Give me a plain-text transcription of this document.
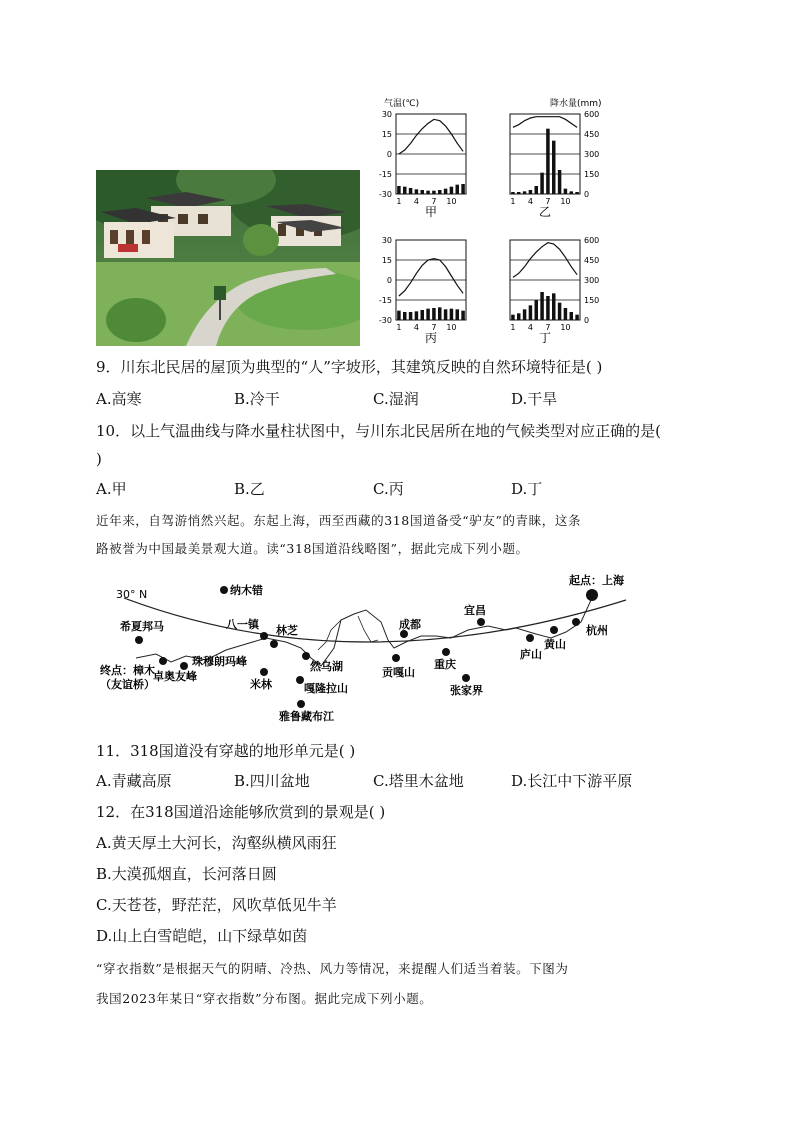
气温(℃)	降水量(mm)
30
15
0
-15
-30
1 4 7 10
甲
600
450
300
150
0
1 4 7 10
乙
30
15
0
-15
-30
1 4 7 10
丙
600
450
300
150
0
1 4 7 10
丁
9．川东北民居的屋顶为典型的“人”字坡形，其建筑反映的自然环境特征是( )
A.高寒	B.冷干	C.湿润	D.干旱
10．以上气温曲线与降水量柱状图中，与川东北民居所在地的气候类型对应正确的是(
)
A.甲	B.乙	C.丙	D.丁
近年来，自驾游悄然兴起。东起上海，西至西藏的318国道备受“驴友”的青睐，这条
路被誉为中国最美景观大道。读“318国道沿线略图”，据此完成下列小题。
30° N	纳木错
起点：上海
希夏邦马	八一镇 林芝	成都
宜昌
杭州
黄山
庐山
终点：樟木
（友谊桥）
卓奥友峰
珠穆朗玛峰
米林
然乌湖
嘎隆拉山
贡嘎山
重庆
张家界
雅鲁藏布江
11．318国道没有穿越的地形单元是( )
A.青藏高原	B.四川盆地	C.塔里木盆地	D.长江中下游平原
12．在318国道沿途能够欣赏到的景观是( )
A.黄天厚土大河长，沟壑纵横风雨狂
B.大漠孤烟直，长河落日圆
C.天苍苍，野茫茫，风吹草低见牛羊
D.山上白雪皑皑，山下绿草如茵
“穿衣指数”是根据天气的阴晴、冷热、风力等情况，来提醒人们适当着装。下图为
我国2023年某日“穿衣指数”分布图。据此完成下列小题。
